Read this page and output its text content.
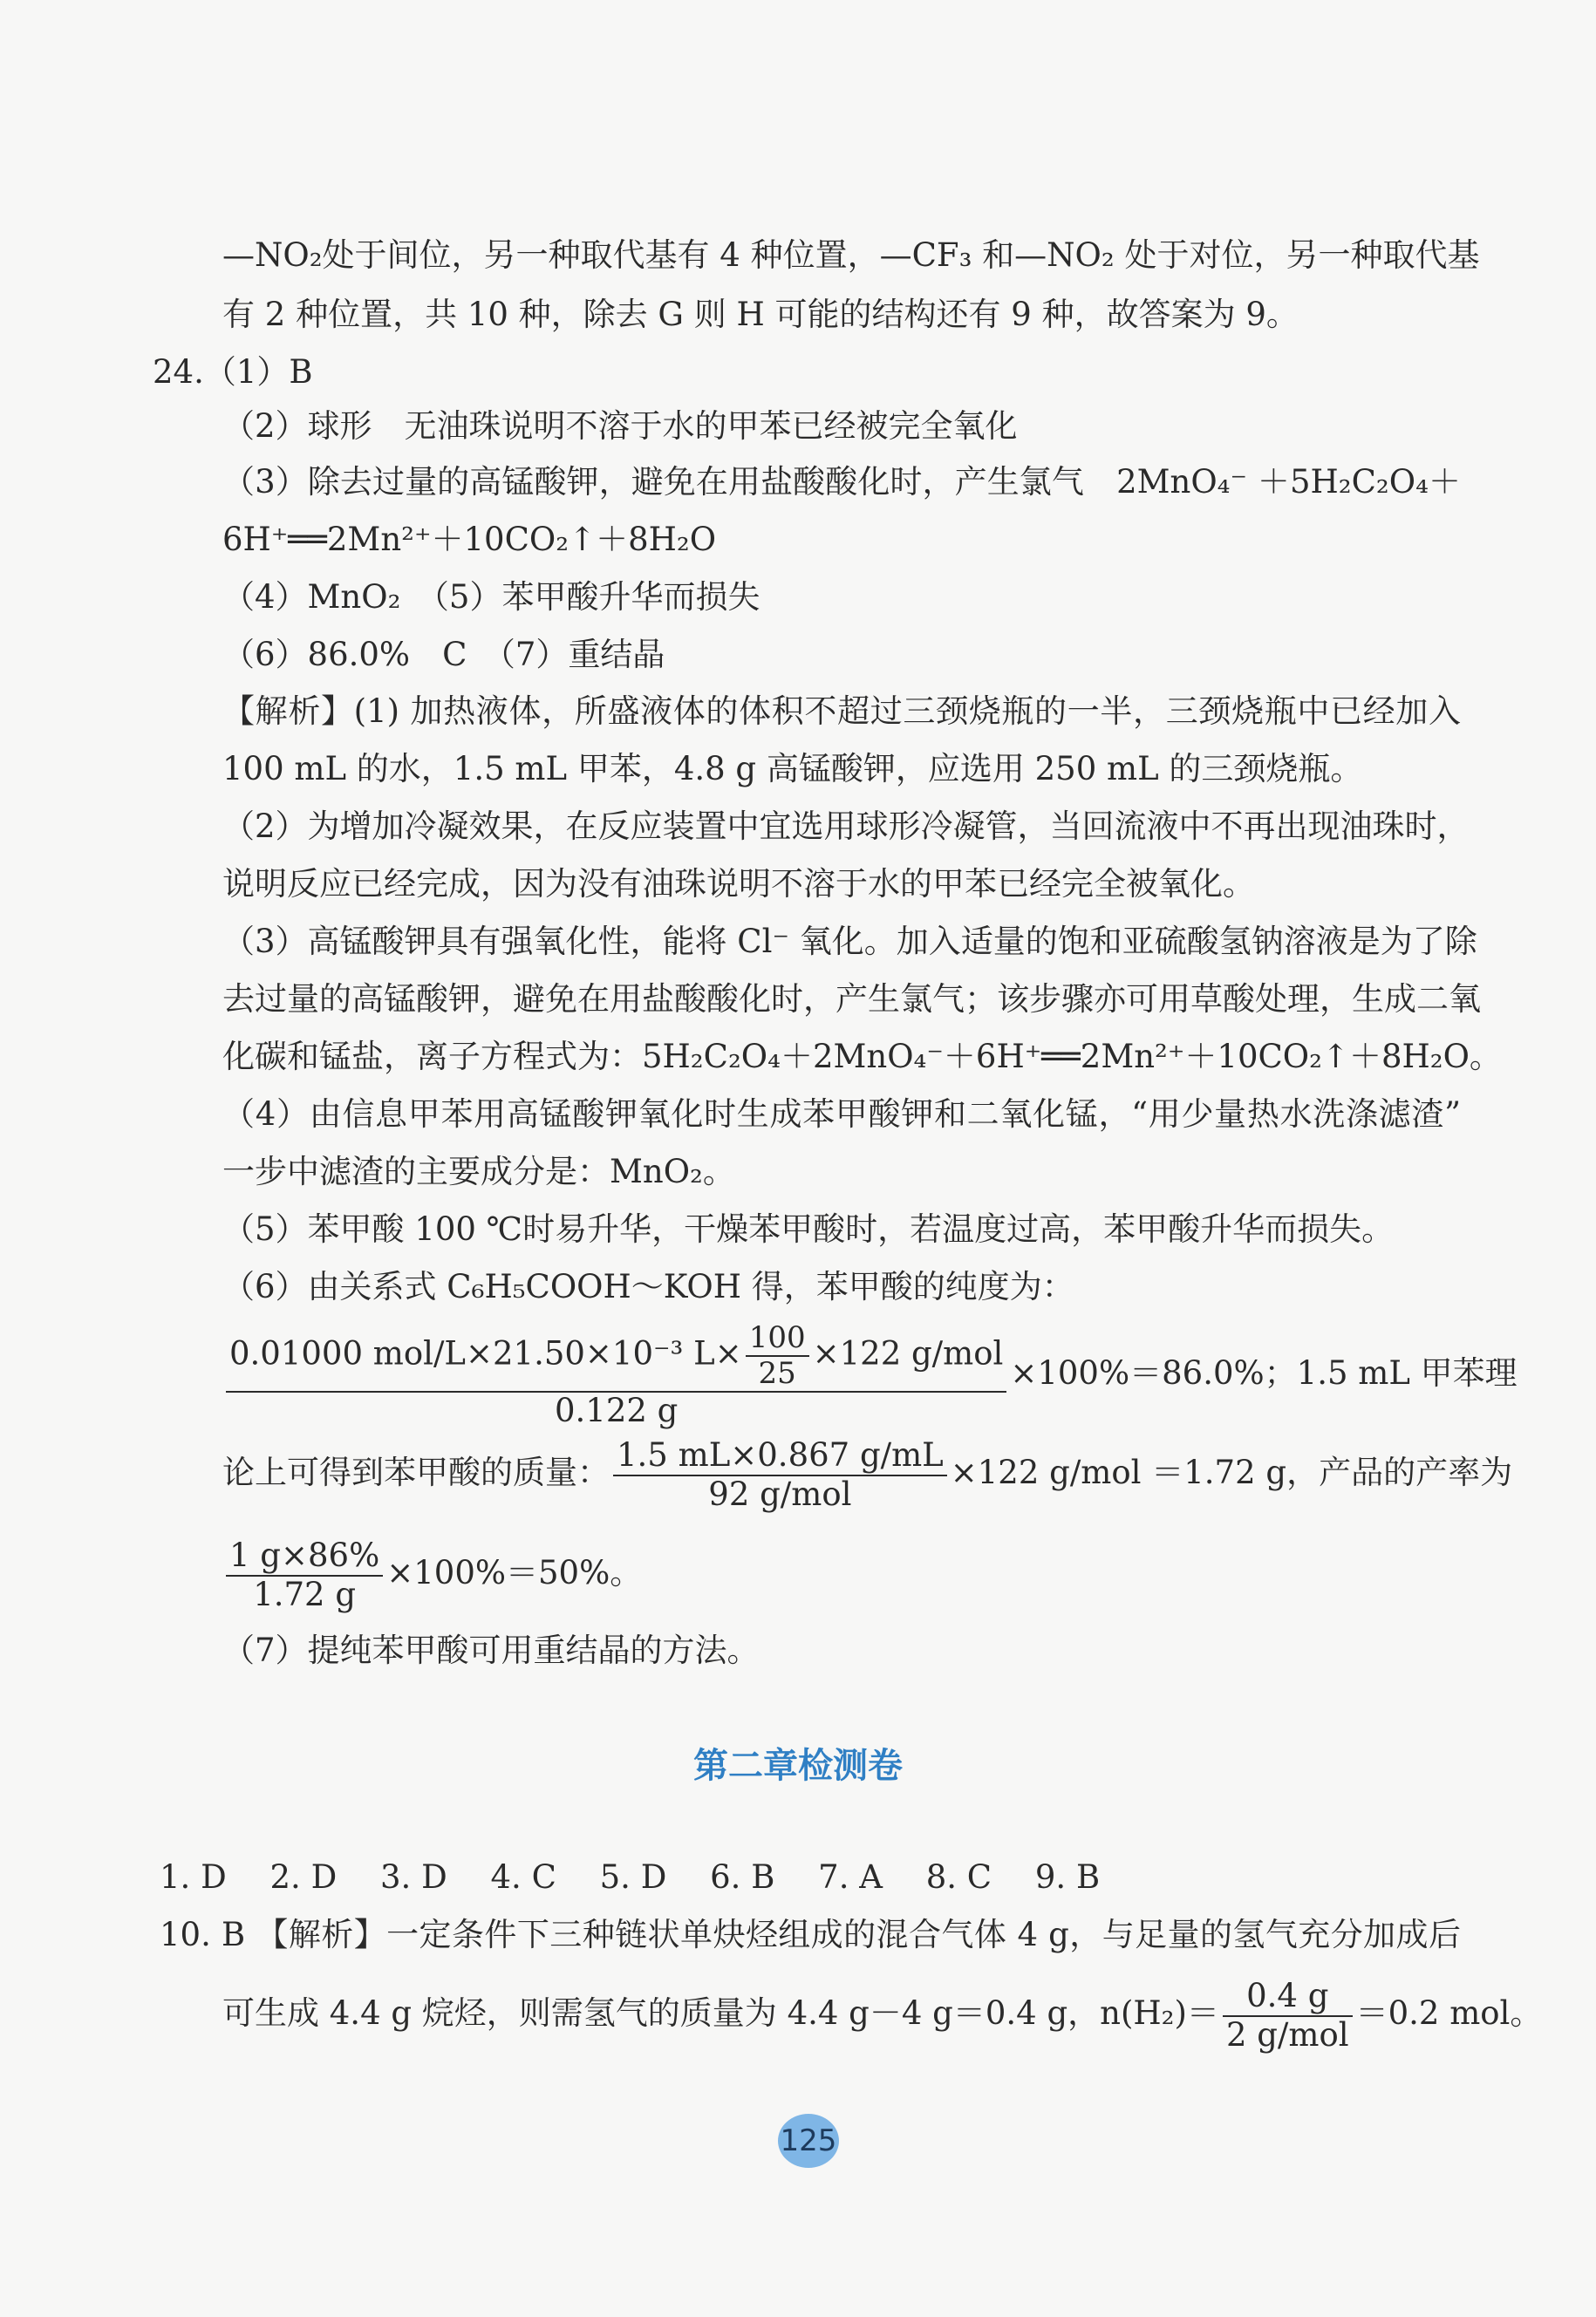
—NO₂处于间位，另一种取代基有 4 种位置，—CF₃ 和—NO₂ 处于对位，另一种取代基
有 2 种位置，共 10 种，除去 G 则 H 可能的结构还有 9 种，故答案为 9。
24.（1）B
（2）球形　无油珠说明不溶于水的甲苯已经被完全氧化
（3）除去过量的高锰酸钾，避免在用盐酸酸化时，产生氯气　2MnO₄⁻ ＋5H₂C₂O₄＋
6H⁺══2Mn²⁺＋10CO₂↑＋8H₂O
（4）MnO₂　（5）苯甲酸升华而损失
（6）86.0%　C　（7）重结晶
【解析】(1) 加热液体，所盛液体的体积不超过三颈烧瓶的一半，三颈烧瓶中已经加入
100 mL 的水，1.5 mL 甲苯，4.8 g 高锰酸钾，应选用 250 mL 的三颈烧瓶。
（2）为增加冷凝效果，在反应装置中宜选用球形冷凝管，当回流液中不再出现油珠时，
说明反应已经完成，因为没有油珠说明不溶于水的甲苯已经完全被氧化。
（3）高锰酸钾具有强氧化性，能将 Cl⁻ 氧化。加入适量的饱和亚硫酸氢钠溶液是为了除
去过量的高锰酸钾，避免在用盐酸酸化时，产生氯气；该步骤亦可用草酸处理，生成二氧
化碳和锰盐，离子方程式为：5H₂C₂O₄＋2MnO₄⁻＋6H⁺══2Mn²⁺＋10CO₂↑＋8H₂O。
（4）由信息甲苯用高锰酸钾氧化时生成苯甲酸钾和二氧化锰，“用少量热水洗涤滤渣”
一步中滤渣的主要成分是：MnO₂。
（5）苯甲酸 100 ℃时易升华，干燥苯甲酸时，若温度过高，苯甲酸升华而损失。
（6）由关系式 C₆H₅COOH～KOH 得，苯甲酸的纯度为：
$\frac{0.01000 mol/L\times 21.50\times 10^{-3} L\times \frac{100}{25} \times 122 g/mol}{0.122 g} \times 100\%=86.0\%$；1.5 mL 甲苯理
论上可得到苯甲酸的质量： $\frac{1.5 mL\times 0.867 g/mL}{\text{92 g/mol}} \times 122$ g/mol ＝1.72 g，产品的产率为
$\frac{1 g\times 86\%}{1.72 g} \times 100\%=50\%$。
（7）提纯苯甲酸可用重结晶的方法。
第二章检测卷
1. D 2. D 3. D 4. C 5. D 6. B 7. A 8. C 9. B
10. B 【解析】一定条件下三种链状单炔烃组成的混合气体 4 g，与足量的氢气充分加成后
可生成 4.4 g 烷烃，则需氢气的质量为 4.4 g－4 g＝0.4 g，$n(H_2)= \frac{0.4 g}{\text{2 g/mol}} =0.2$ mol。
125
